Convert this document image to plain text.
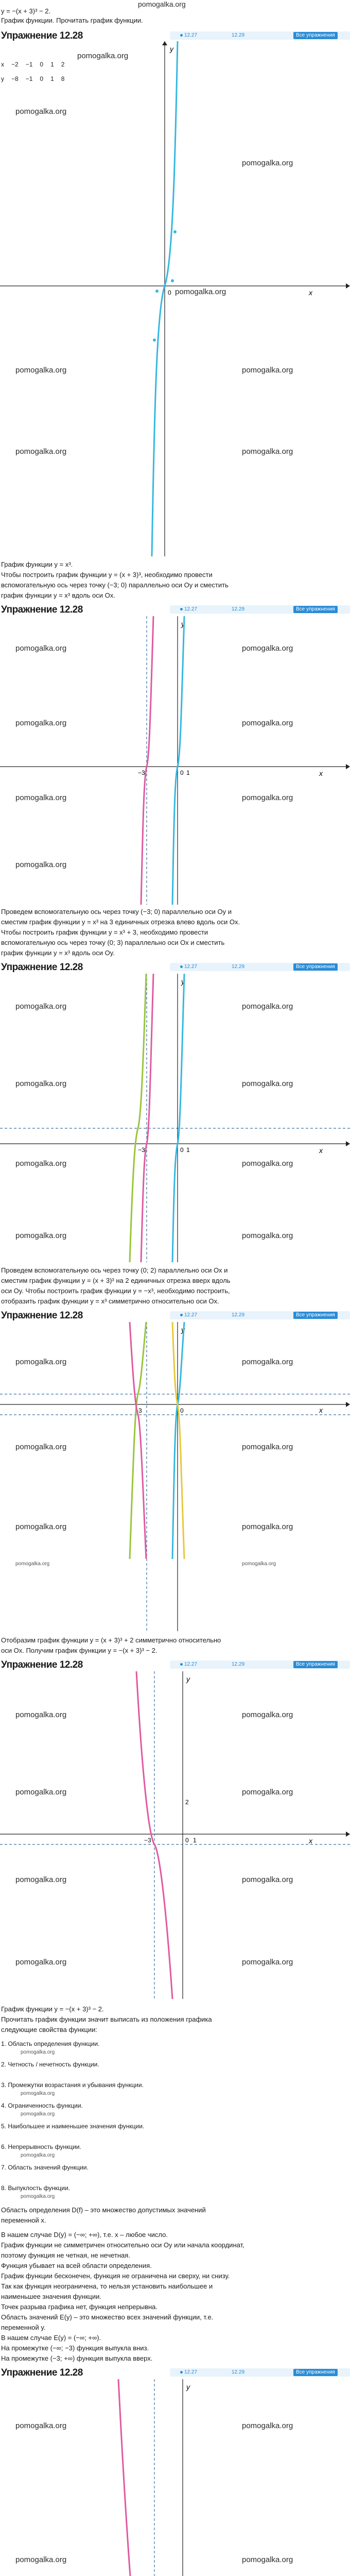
pomogalka.org
y = −(x + 3)³ − 2.
График функции. Прочитать график функции.
x −2 −1 0 1 2
y −8 −1 0 1 8
Упражнение 12.28	12.27	12.29	Все упражнения
y
x
0
pomogalka.org
pomogalka.org
pomogalka.org
pomogalka.org
pomogalka.org	pomogalka.org
pomogalka.org	pomogalka.org
График функции y = x³.
Чтобы построить график функции y = (x + 3)³, необходимо провести
вспомогательную ось через точку (−3; 0) параллельно оси Oy и сместить
график функции y = x³ вдоль оси Ox.
Упражнение 12.28	12.27	12.29	Все упражнения
y
x
0
−3	1
pomogalka.org	pomogalka.org
pomogalka.org	pomogalka.org
pomogalka.org	pomogalka.org
pomogalka.org
Проведем вспомогательную ось через точку (−3; 0) параллельно оси Oy и
сместим график функции y = x³ на 3 единичных отрезка влево вдоль оси Ox.
Чтобы построить график функции y = x³ + 3, необходимо провести
вспомогательную ось через точку (0; 3) параллельно оси Ox и сместить
график функции y = x³ вдоль оси Oy.
Упражнение 12.28	12.27	12.29	Все упражнения
y
x
0
−3	1
pomogalka.org	pomogalka.org
pomogalka.org	pomogalka.org
pomogalka.org	pomogalka.org
pomogalka.org	pomogalka.org
Проведем вспомогательную ось через точку (0; 2) параллельно оси Ox и
сместим график функции y = (x + 3)³ на 2 единичных отрезка вверх вдоль
оси Oy. Чтобы построить график функции y = −x³, необходимо построить,
отобразить график функции y = x³ симметрично относительно оси Ox.
Упражнение 12.28	12.27	12.29	Все упражнения
y
x
0
−3
pomogalka.org	pomogalka.org
pomogalka.org	pomogalka.org
pomogalka.org	pomogalka.org
pomogalka.org	pomogalka.org
Отобразим график функции y = (x + 3)³ + 2 симметрично относительно
оси Ox. Получим график функции y = −(x + 3)³ − 2.
Упражнение 12.28	12.27	12.29	Все упражнения
y
x
0
−3	1
2
pomogalka.org	pomogalka.org
pomogalka.org	pomogalka.org
pomogalka.org	pomogalka.org
pomogalka.org	pomogalka.org
График функции y = −(x + 3)³ − 2.
Прочитать график функции значит выписать из положения графика
следующие свойства функции:
1. Область определения функции.
pomogalka.org
2. Четность / нечетность функции.
3. Промежутки возрастания и убывания функции.
pomogalka.org
4. Ограниченность функции.
pomogalka.org
5. Наибольшее и наименьшее значения функции.
6. Непрерывность функции.
pomogalka.org
7. Область значений функции.
8. Выпуклость функции.
pomogalka.org
Область определения D(f) – это множество допустимых значений
переменной x.
В нашем случае D(y) = (−∞; +∞), т.е. x – любое число.
График функции не симметричен относительно оси Oy или начала координат,
поэтому функция не четная, не нечетная.
Функция убывает на всей области определения.
График функции бесконечен, функция не ограничена ни сверху, ни снизу.
Так как функция неограничена, то нельзя установить наибольшее и
наименьшее значения функции.
Точек разрыва графика нет, функция непрерывна.
Область значений E(y) – это множество всех значений функции, т.е.
переменной y.
В нашем случае E(y) = (−∞; +∞).
На промежутке (−∞; −3) функция выпукла вниз.
На промежутке (−3; +∞) функция выпукла вверх.
Упражнение 12.28	12.27	12.29	Все упражнения
y
pomogalka.org	pomogalka.org
pomogalka.org	pomogalka.org
